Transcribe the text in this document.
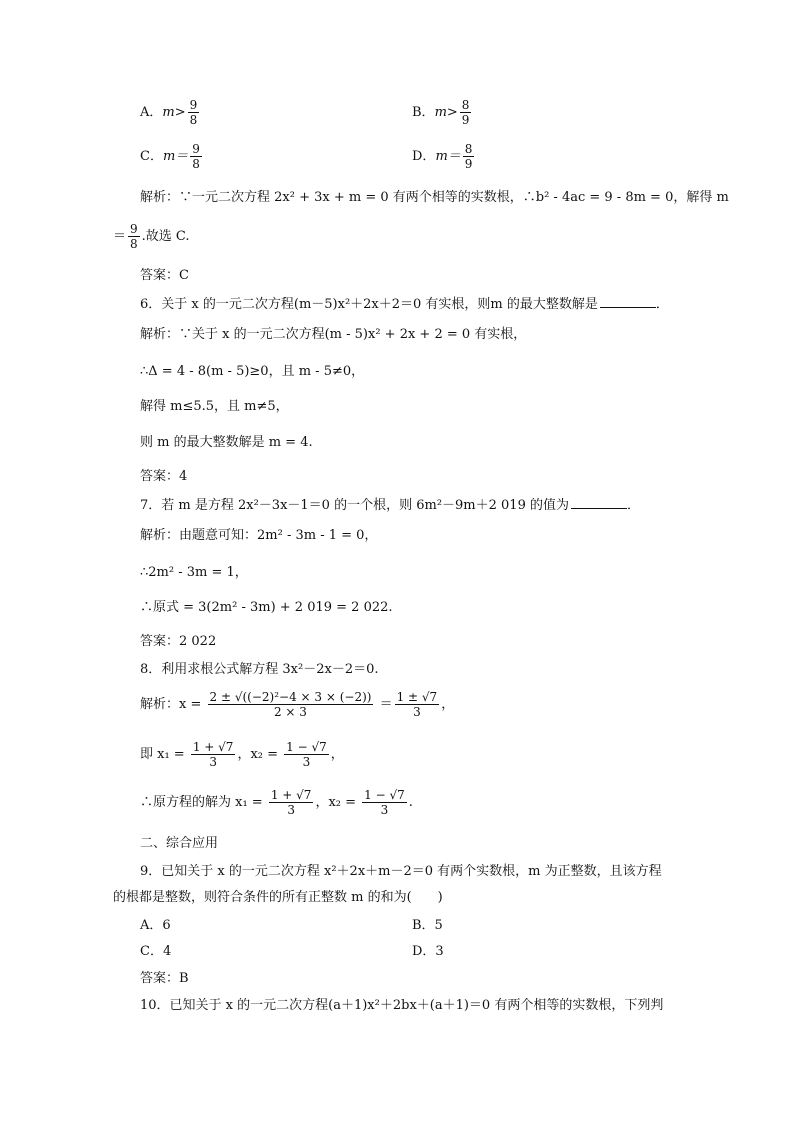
A．$m> \frac{9}{8}$	B．$m> \frac{8}{9}$
C．$m= \frac{9}{8}$	D．$m= \frac{8}{9}$
解析：∵一元二次方程 2x² + 3x + m = 0 有两个相等的实数根，∴b² - 4ac = 9 - 8m = 0，解得 m
＝ $\frac{9}{8}$ .故选 C.
答案：C
6．关于 x 的一元二次方程(m－5)x²＋2x＋2＝0 有实根，则m 的最大整数解是	．
解析：∵关于 x 的一元二次方程(m - 5)x² + 2x + 2 = 0 有实根，
∴Δ = 4 - 8(m - 5)≥0，且 m - 5≠0，
解得 m≤5.5，且 m≠5，
则 m 的最大整数解是 m = 4.
答案：4
7．若 m 是方程 2x²－3x－1＝0 的一个根，则 6m²－9m＋2 019 的值为	．
解析：由题意可知：2m² - 3m - 1 = 0，
∴2m² - 3m = 1，
∴原式 = 3(2m² - 3m) + 2 019 = 2 022.
答案：2 022
8．利用求根公式解方程 3x²－2x－2＝0.
解析：$x = \frac{\text{2 ± √((−2)²−4 × 3 × (−2))}}{2 \times 3} = \frac{1 \pm √7}{3}$ ，
即 $x_1 = \frac{1 + √7}{3}$ ，$x_2 = \frac{1 - √7}{3}$ ，
∴原方程的解为 $x_1 = \frac{1 + √7}{3}$ ，$x_2 = \frac{1 - √7}{3}$ .
二、综合应用
9．已知关于 x 的一元二次方程 x²＋2x＋m－2＝0 有两个实数根，m 为正整数，且该方程
的根都是整数，则符合条件的所有正整数 m 的和为(　　)
A．6	B．5
C．4	D．3
答案：B
10．已知关于 x 的一元二次方程(a＋1)x²＋2bx＋(a＋1)＝0 有两个相等的实数根，下列判
